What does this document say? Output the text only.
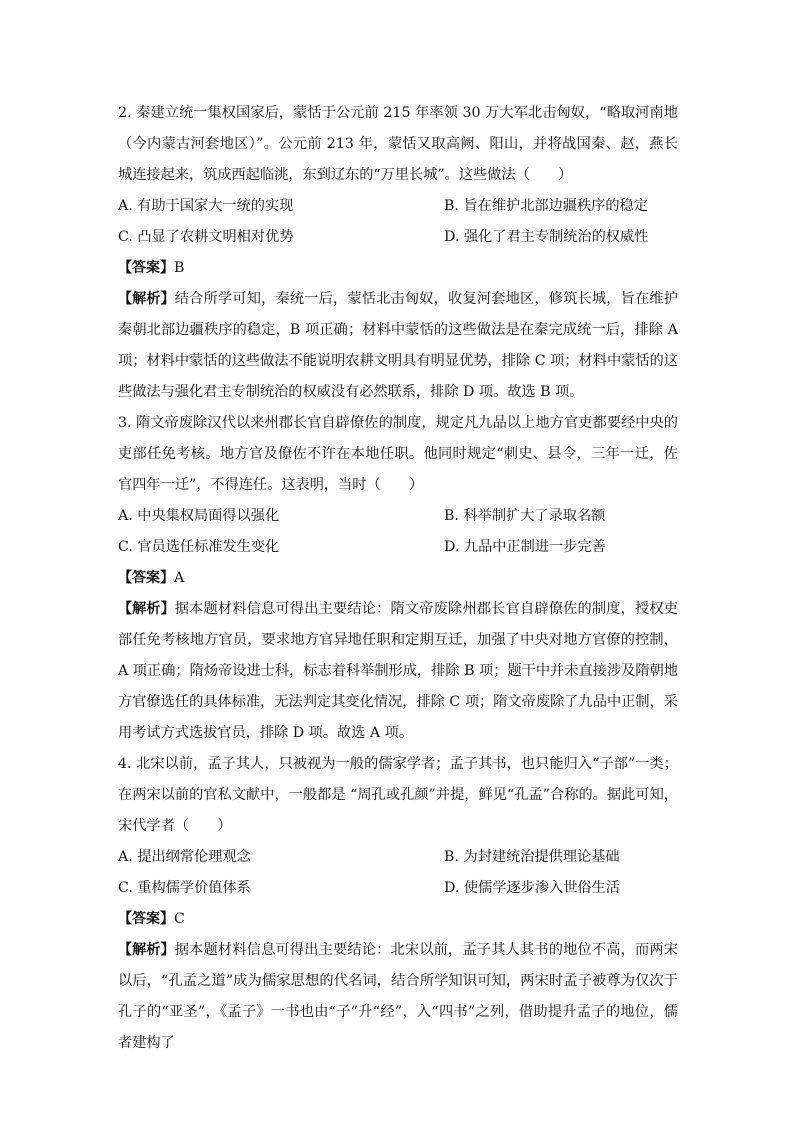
2. 秦建立统一集权国家后，蒙恬于公元前 215 年率领 30 万大军北击匈奴，“略取河南地（今内蒙古河套地区）”。公元前 213 年，蒙恬又取高阙、阳山，并将战国秦、赵，燕长城连接起来，筑成西起临洮，东到辽东的“万里长城”。这些做法（　　）

A. 有助于国家大一统的实现	B. 旨在维护北部边疆秩序的稳定
C. 凸显了农耕文明相对优势	D. 强化了君主专制统治的权威性
【答案】B

【解析】结合所学可知，秦统一后，蒙恬北击匈奴，收复河套地区，修筑长城，旨在维护秦朝北部边疆秩序的稳定，B 项正确；材料中蒙恬的这些做法是在秦完成统一后，排除 A 项；材料中蒙恬的这些做法不能说明农耕文明具有明显优势，排除 C 项；材料中蒙恬的这些做法与强化君主专制统治的权威没有必然联系，排除 D 项。故选 B 项。

3. 隋文帝废除汉代以来州郡长官自辟僚佐的制度，规定凡九品以上地方官吏都要经中央的吏部任免考核。地方官及僚佐不许在本地任职。他同时规定“刺史、县令，三年一迁，佐官四年一迁”，不得连任。这表明，当时（　　）

A. 中央集权局面得以强化	B. 科举制扩大了录取名额
C. 官员选任标准发生变化	D. 九品中正制进一步完善
【答案】A

【解析】据本题材料信息可得出主要结论：隋文帝废除州郡长官自辟僚佐的制度，授权吏部任免考核地方官员，要求地方官异地任职和定期互迁，加强了中央对地方官僚的控制，A 项正确；隋炀帝设进士科，标志着科举制形成，排除 B 项；题干中并未直接涉及隋朝地方官僚选任的具体标准，无法判定其变化情况，排除 C 项；隋文帝废除了九品中正制，采用考试方式选拔官员，排除 D 项。故选 A 项。

4. 北宋以前，孟子其人，只被视为一般的儒家学者；孟子其书，也只能归入“子部”一类；在两宋以前的官私文献中，一般都是 “周孔或孔颜”并提，鲜见“孔孟”合称的。据此可知，宋代学者（　　）

A. 提出纲常伦理观念	B. 为封建统治提供理论基础
C. 重构儒学价值体系	D. 使儒学逐步渗入世俗生活
【答案】C

【解析】据本题材料信息可得出主要结论：北宋以前，孟子其人其书的地位不高，而两宋以后，“孔孟之道”成为儒家思想的代名词，结合所学知识可知，两宋时孟子被尊为仅次于孔子的“亚圣”，《孟子》一书也由“子”升“经”，入“四书”之列，借助提升孟子的地位，儒者建构了
